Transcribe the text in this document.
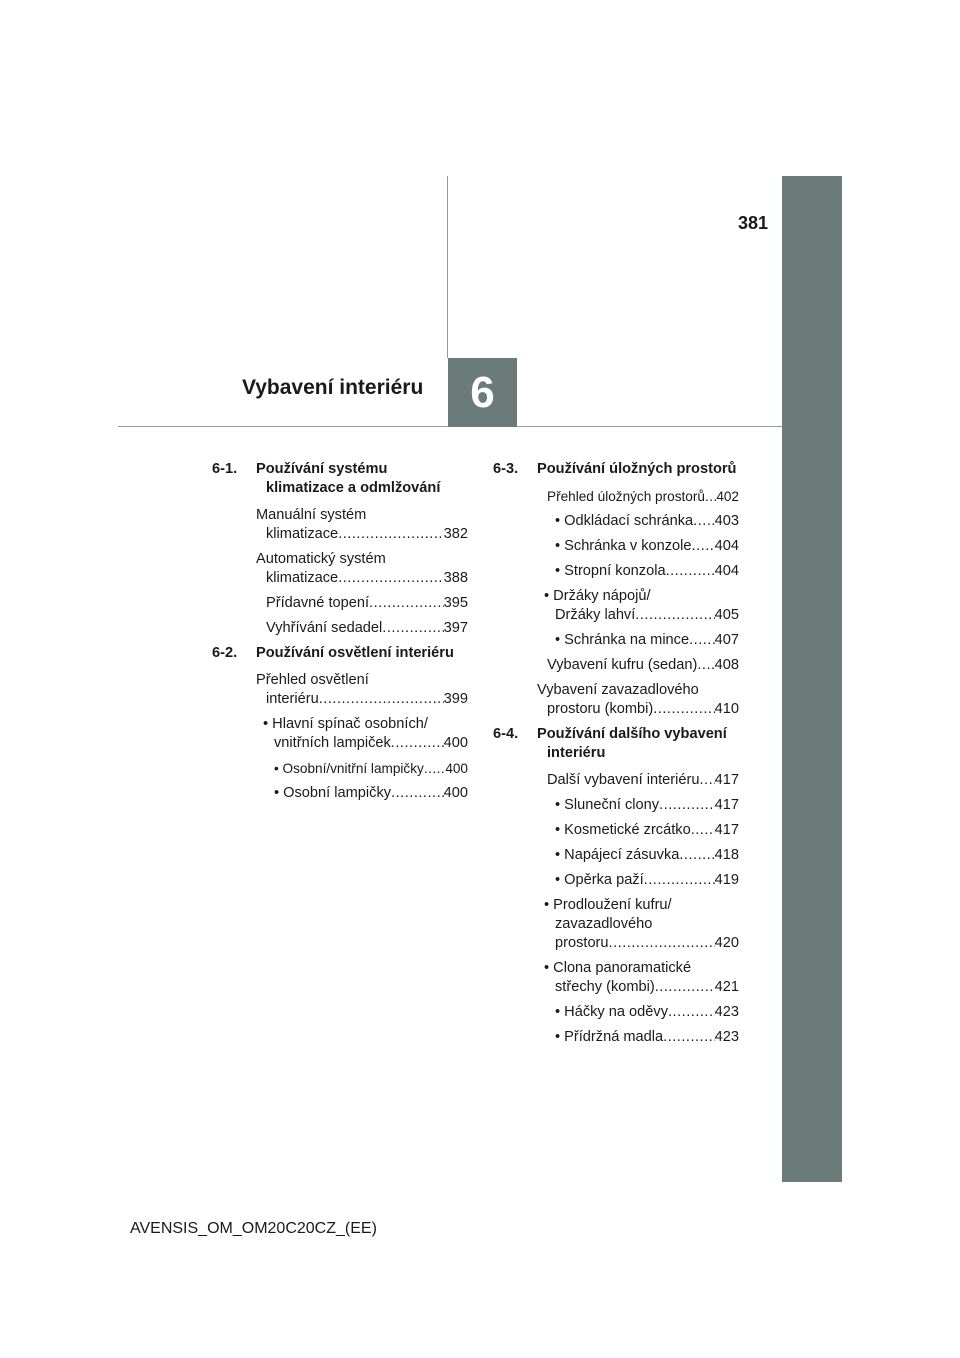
381
6
Vybavení interiéru
6-1.	Používání systému klimatizace a odmlžování
Manuální systém
klimatizace .....	382
Automatický systém
klimatizace .....	388
Přídavné topení .....	395
Vyhřívání sedadel .....	397
6-2.	Používání osvětlení interiéru
Přehled osvětlení
interiéru .....	399
• Hlavní spínač osobních/
vnitřních lampiček .....	400
• Osobní/vnitřní lampičky ..... 400
• Osobní lampičky .....	400
6-3.	Používání úložných prostorů
Přehled úložných prostorů ..... 402
• Odkládací schránka ..... 403
• Schránka v konzole ..... 404
• Stropní konzola .....	404
• Držáky nápojů/
Držáky lahví .....	405
• Schránka na mince ..... 407
Vybavení kufru (sedan) ..... 408
Vybavení zavazadlového
prostoru (kombi) .....	410
6-4.	Používání dalšího vybavení interiéru
Další vybavení interiéru ..... 417
• Sluneční clony .....	417
• Kosmetické zrcátko ..... 417
• Napájecí zásuvka ..... 418
• Opěrka paží .....	419
• Prodloužení kufru/ zavazadlového
prostoru .....	420
• Clona panoramatické
střechy (kombi) .....	421
• Háčky na oděvy .....	423
• Přídržná madla .....	423
AVENSIS_OM_OM20C20CZ_(EE)
